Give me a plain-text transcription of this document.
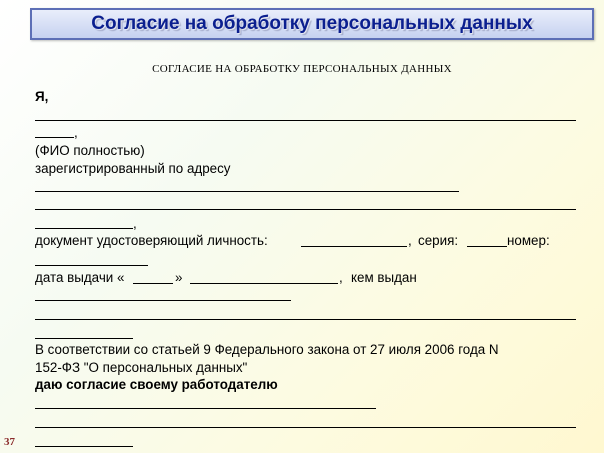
Согласие на обработку персональных данных
СОГЛАСИЕ НА ОБРАБОТКУ ПЕРСОНАЛЬНЫХ ДАННЫХ
Я,
,
(ФИО полностью)
зарегистрированный по адресу
,
документ удостоверяющий личность:	, серия:	номер:
дата выдачи «	»	, кем выдан
В соответствии со статьей 9 Федерального закона от 27 июля 2006 года N
152-ФЗ "О персональных данных"
даю согласие своему работодателю
37
